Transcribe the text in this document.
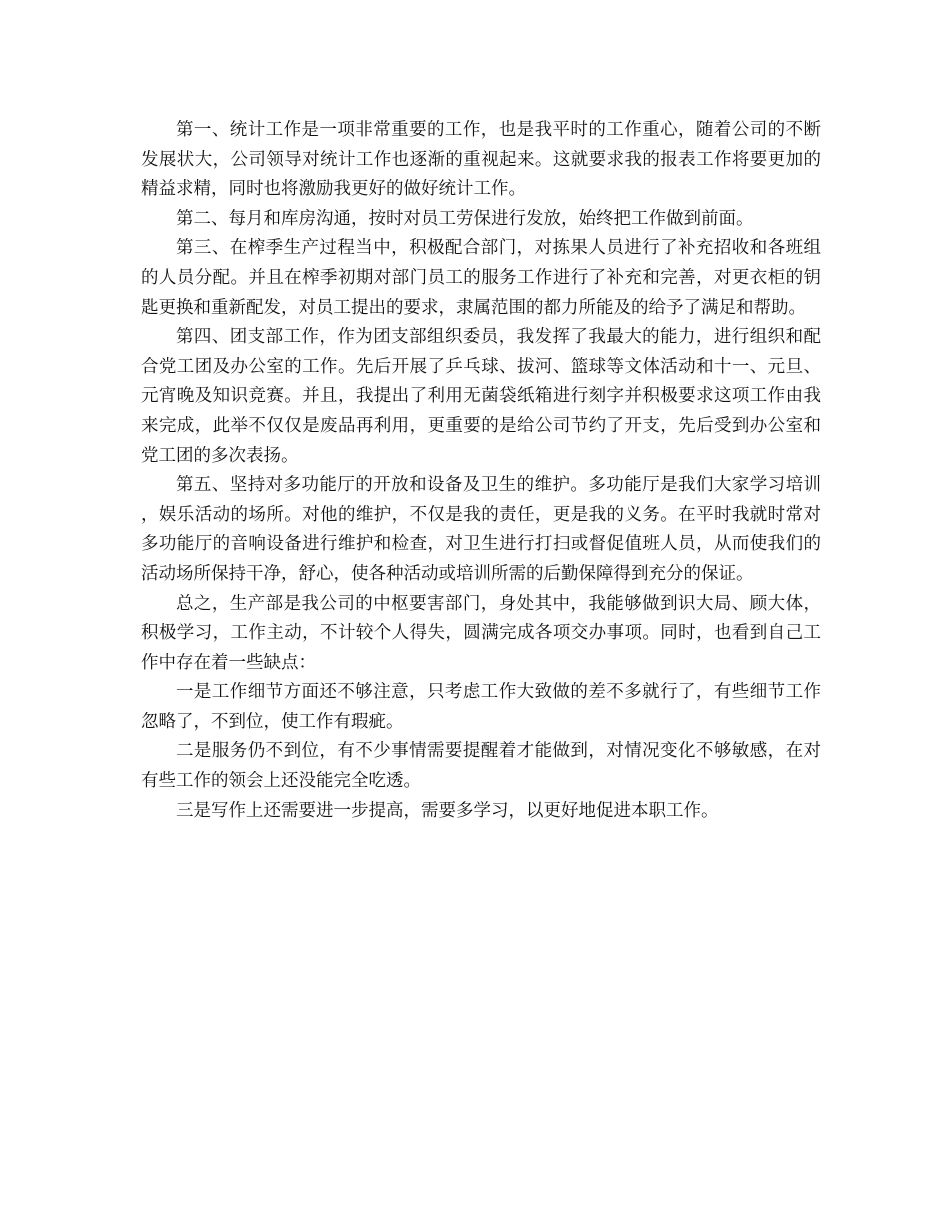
第一、统计工作是一项非常重要的工作，也是我平时的工作重心，随着公司的不断发展状大，公司领导对统计工作也逐渐的重视起来。这就要求我的报表工作将要更加的精益求精，同时也将激励我更好的做好统计工作。

第二、每月和库房沟通，按时对员工劳保进行发放，始终把工作做到前面。

第三、在榨季生产过程当中，积极配合部门，对拣果人员进行了补充招收和各班组的人员分配。并且在榨季初期对部门员工的服务工作进行了补充和完善，对更衣柜的钥匙更换和重新配发，对员工提出的要求，隶属范围的都力所能及的给予了满足和帮助。

第四、团支部工作，作为团支部组织委员，我发挥了我最大的能力，进行组织和配合党工团及办公室的工作。先后开展了乒乓球、拔河、篮球等文体活动和十一、元旦、元宵晚及知识竞赛。并且，我提出了利用无菌袋纸箱进行刻字并积极要求这项工作由我来完成，此举不仅仅是废品再利用，更重要的是给公司节约了开支，先后受到办公室和党工团的多次表扬。

第五、坚持对多功能厅的开放和设备及卫生的维护。多功能厅是我们大家学习培训，娱乐活动的场所。对他的维护，不仅是我的责任，更是我的义务。在平时我就时常对多功能厅的音响设备进行维护和检查，对卫生进行打扫或督促值班人员，从而使我们的活动场所保持干净，舒心，使各种活动或培训所需的后勤保障得到充分的保证。

总之，生产部是我公司的中枢要害部门，身处其中，我能够做到识大局、顾大体，积极学习，工作主动，不计较个人得失，圆满完成各项交办事项。同时，也看到自己工作中存在着一些缺点：

一是工作细节方面还不够注意，只考虑工作大致做的差不多就行了，有些细节工作忽略了，不到位，使工作有瑕疵。

二是服务仍不到位，有不少事情需要提醒着才能做到，对情况变化不够敏感，在对有些工作的领会上还没能完全吃透。

三是写作上还需要进一步提高，需要多学习，以更好地促进本职工作。
